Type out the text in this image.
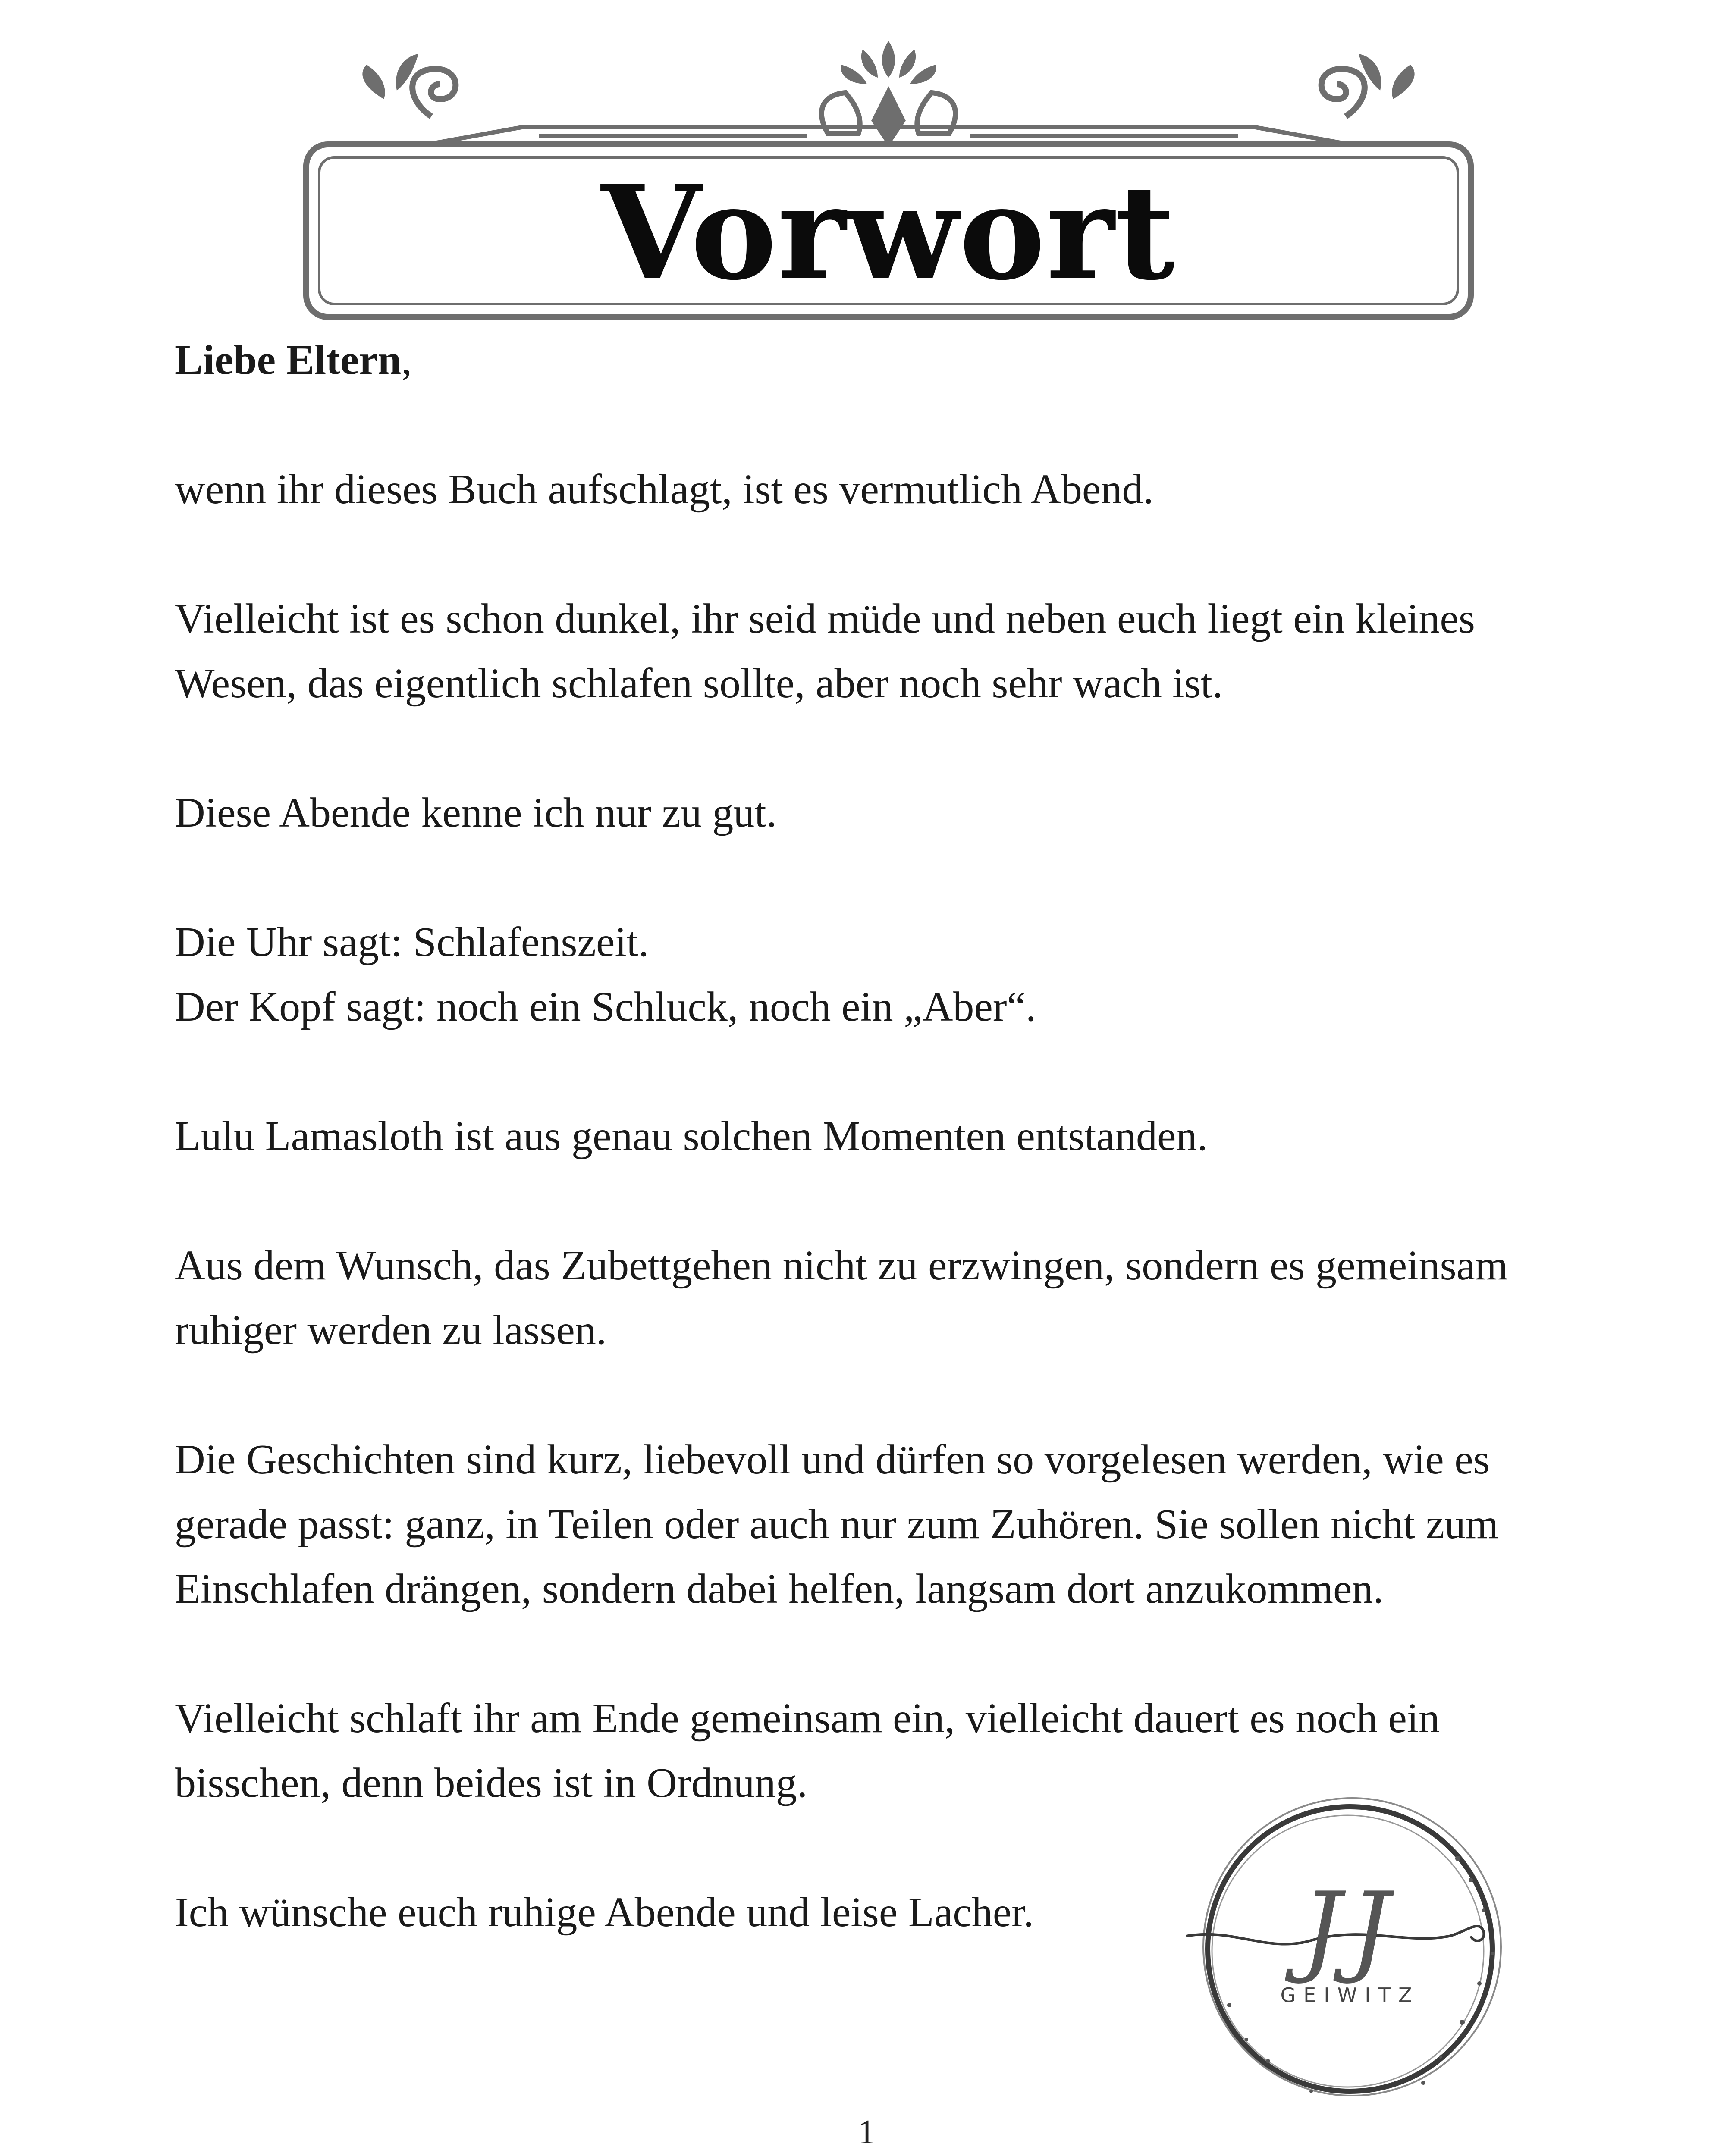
Vorwort

Liebe Eltern,

wenn ihr dieses Buch aufschlagt, ist es vermutlich Abend.

Vielleicht ist es schon dunkel, ihr seid müde und neben euch liegt ein kleines Wesen, das eigentlich schlafen sollte, aber noch sehr wach ist.

Diese Abende kenne ich nur zu gut.

Die Uhr sagt: Schlafenszeit.

Der Kopf sagt: noch ein Schluck, noch ein „Aber“.

Lulu Lamasloth ist aus genau solchen Momenten entstanden.

Aus dem Wunsch, das Zubettgehen nicht zu erzwingen, sondern es gemeinsam ruhiger werden zu lassen.

Die Geschichten sind kurz, liebevoll und dürfen so vorgelesen werden, wie es gerade passt: ganz, in Teilen oder auch nur zum Zuhören. Sie sollen nicht zum Einschlafen drängen, sondern dabei helfen, langsam dort anzukommen.

Vielleicht schlaft ihr am Ende gemeinsam ein, vielleicht dauert es noch ein bisschen, denn beides ist in Ordnung.

Ich wünsche euch ruhige Abende und leise Lacher.	JJ
GEIWITZ
1
